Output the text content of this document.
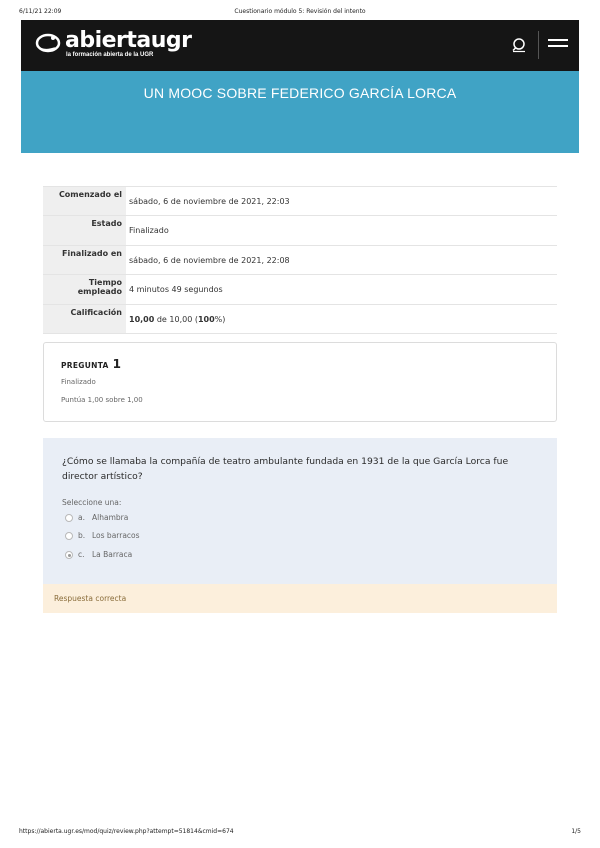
6/11/21 22:09	Cuestionario módulo 5: Revisión del intento
abiertaugr
la formación abierta de la UGR
UN MOOC SOBRE FEDERICO GARCÍA LORCA
Comenzado el	sábado, 6 de noviembre de 2021, 22:03
Estado	Finalizado
Finalizado en	sábado, 6 de noviembre de 2021, 22:08
Tiempo empleado	4 minutos 49 segundos
Calificación	10,00 de 10,00 (100%)
PREGUNTA 1
Finalizado
Puntúa 1,00 sobre 1,00
¿Cómo se llamaba la compañía de teatro ambulante fundada en 1931 de la que García Lorca fue director artístico?
Seleccione una:
a. Alhambra
b. Los barracos
c. La Barraca
Respuesta correcta
https://abierta.ugr.es/mod/quiz/review.php?attempt=51814&cmid=674	1/5
